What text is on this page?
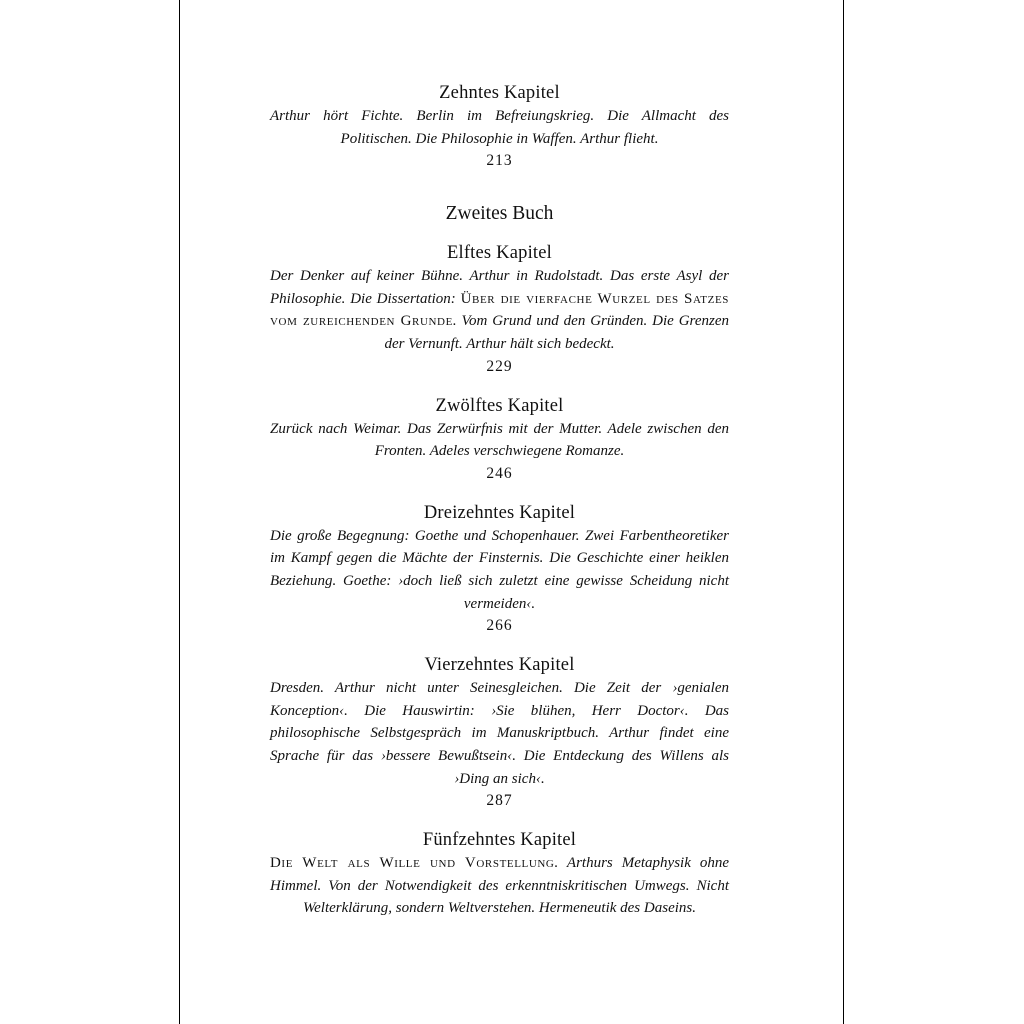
Zehntes Kapitel
Arthur hört Fichte. Berlin im Befreiungskrieg. Die Allmacht des Politischen. Die Philosophie in Waffen. Arthur flieht.
213
Zweites Buch
Elftes Kapitel
Der Denker auf keiner Bühne. Arthur in Rudolstadt. Das erste Asyl der Philosophie. Die Dissertation: Über die vierfache Wurzel des Satzes vom zureichenden Grunde. Vom Grund und den Gründen. Die Grenzen der Vernunft. Arthur hält sich bedeckt.
229
Zwölftes Kapitel
Zurück nach Weimar. Das Zerwürfnis mit der Mutter. Adele zwischen den Fronten. Adeles verschwiegene Romanze.
246
Dreizehntes Kapitel
Die große Begegnung: Goethe und Schopenhauer. Zwei Farbentheoretiker im Kampf gegen die Mächte der Finsternis. Die Geschichte einer heiklen Beziehung. Goethe: ›doch ließ sich zuletzt eine gewisse Scheidung nicht vermeiden‹.
266
Vierzehntes Kapitel
Dresden. Arthur nicht unter Seinesgleichen. Die Zeit der ›genialen Konception‹. Die Hauswirtin: ›Sie blühen, Herr Doctor‹. Das philosophische Selbstgespräch im Manuskriptbuch. Arthur findet eine Sprache für das ›bessere Bewußtsein‹. Die Entdeckung des Willens als ›Ding an sich‹.
287
Fünfzehntes Kapitel
Die Welt als Wille und Vorstellung. Arthurs Metaphysik ohne Himmel. Von der Notwendigkeit des erkenntniskritischen Umwegs. Nicht Welterklärung, sondern Weltverstehen. Hermeneutik des Daseins.
